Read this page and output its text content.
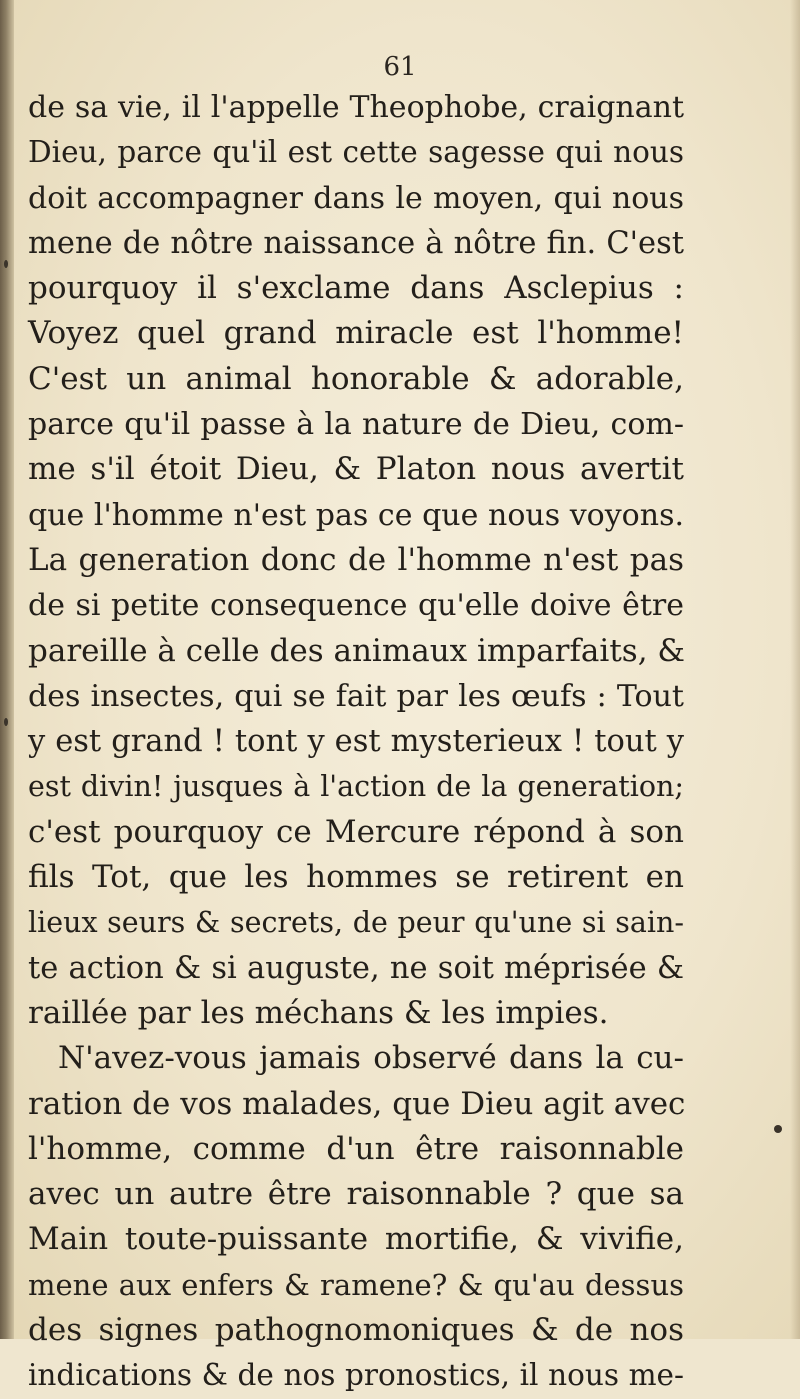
61
de sa vie, il l'appelle Theophobe, craignant
Dieu, parce qu'il est cette sagesse qui nous
doit accompagner dans le moyen, qui nous
mene de nôtre naissance à nôtre fin. C'est
pourquoy il s'exclame dans Asclepius :
Voyez quel grand miracle est l'homme!
C'est un animal honorable & adorable,
parce qu'il passe à la nature de Dieu, com-
me s'il étoit Dieu, & Platon nous avertit
que l'homme n'est pas ce que nous voyons.
La generation donc de l'homme n'est pas
de si petite consequence qu'elle doive être
pareille à celle des animaux imparfaits, &
des insectes, qui se fait par les œufs : Tout
y est grand ! tont y est mysterieux ! tout y
est divin! jusques à l'action de la generation;
c'est pourquoy ce Mercure répond à son
fils Tot, que les hommes se retirent en
lieux seurs & secrets, de peur qu'une si sain-
te action & si auguste, ne soit méprisée &
raillée par les méchans & les impies.
N'avez-vous jamais observé dans la cu-
ration de vos malades, que Dieu agit avec
l'homme, comme d'un être raisonnable
avec un autre être raisonnable ? que sa
Main toute-puissante mortifie, & vivifie,
mene aux enfers & ramene? & qu'au dessus
des signes pathognomoniques & de nos
indications & de nos pronostics, il nous me-
